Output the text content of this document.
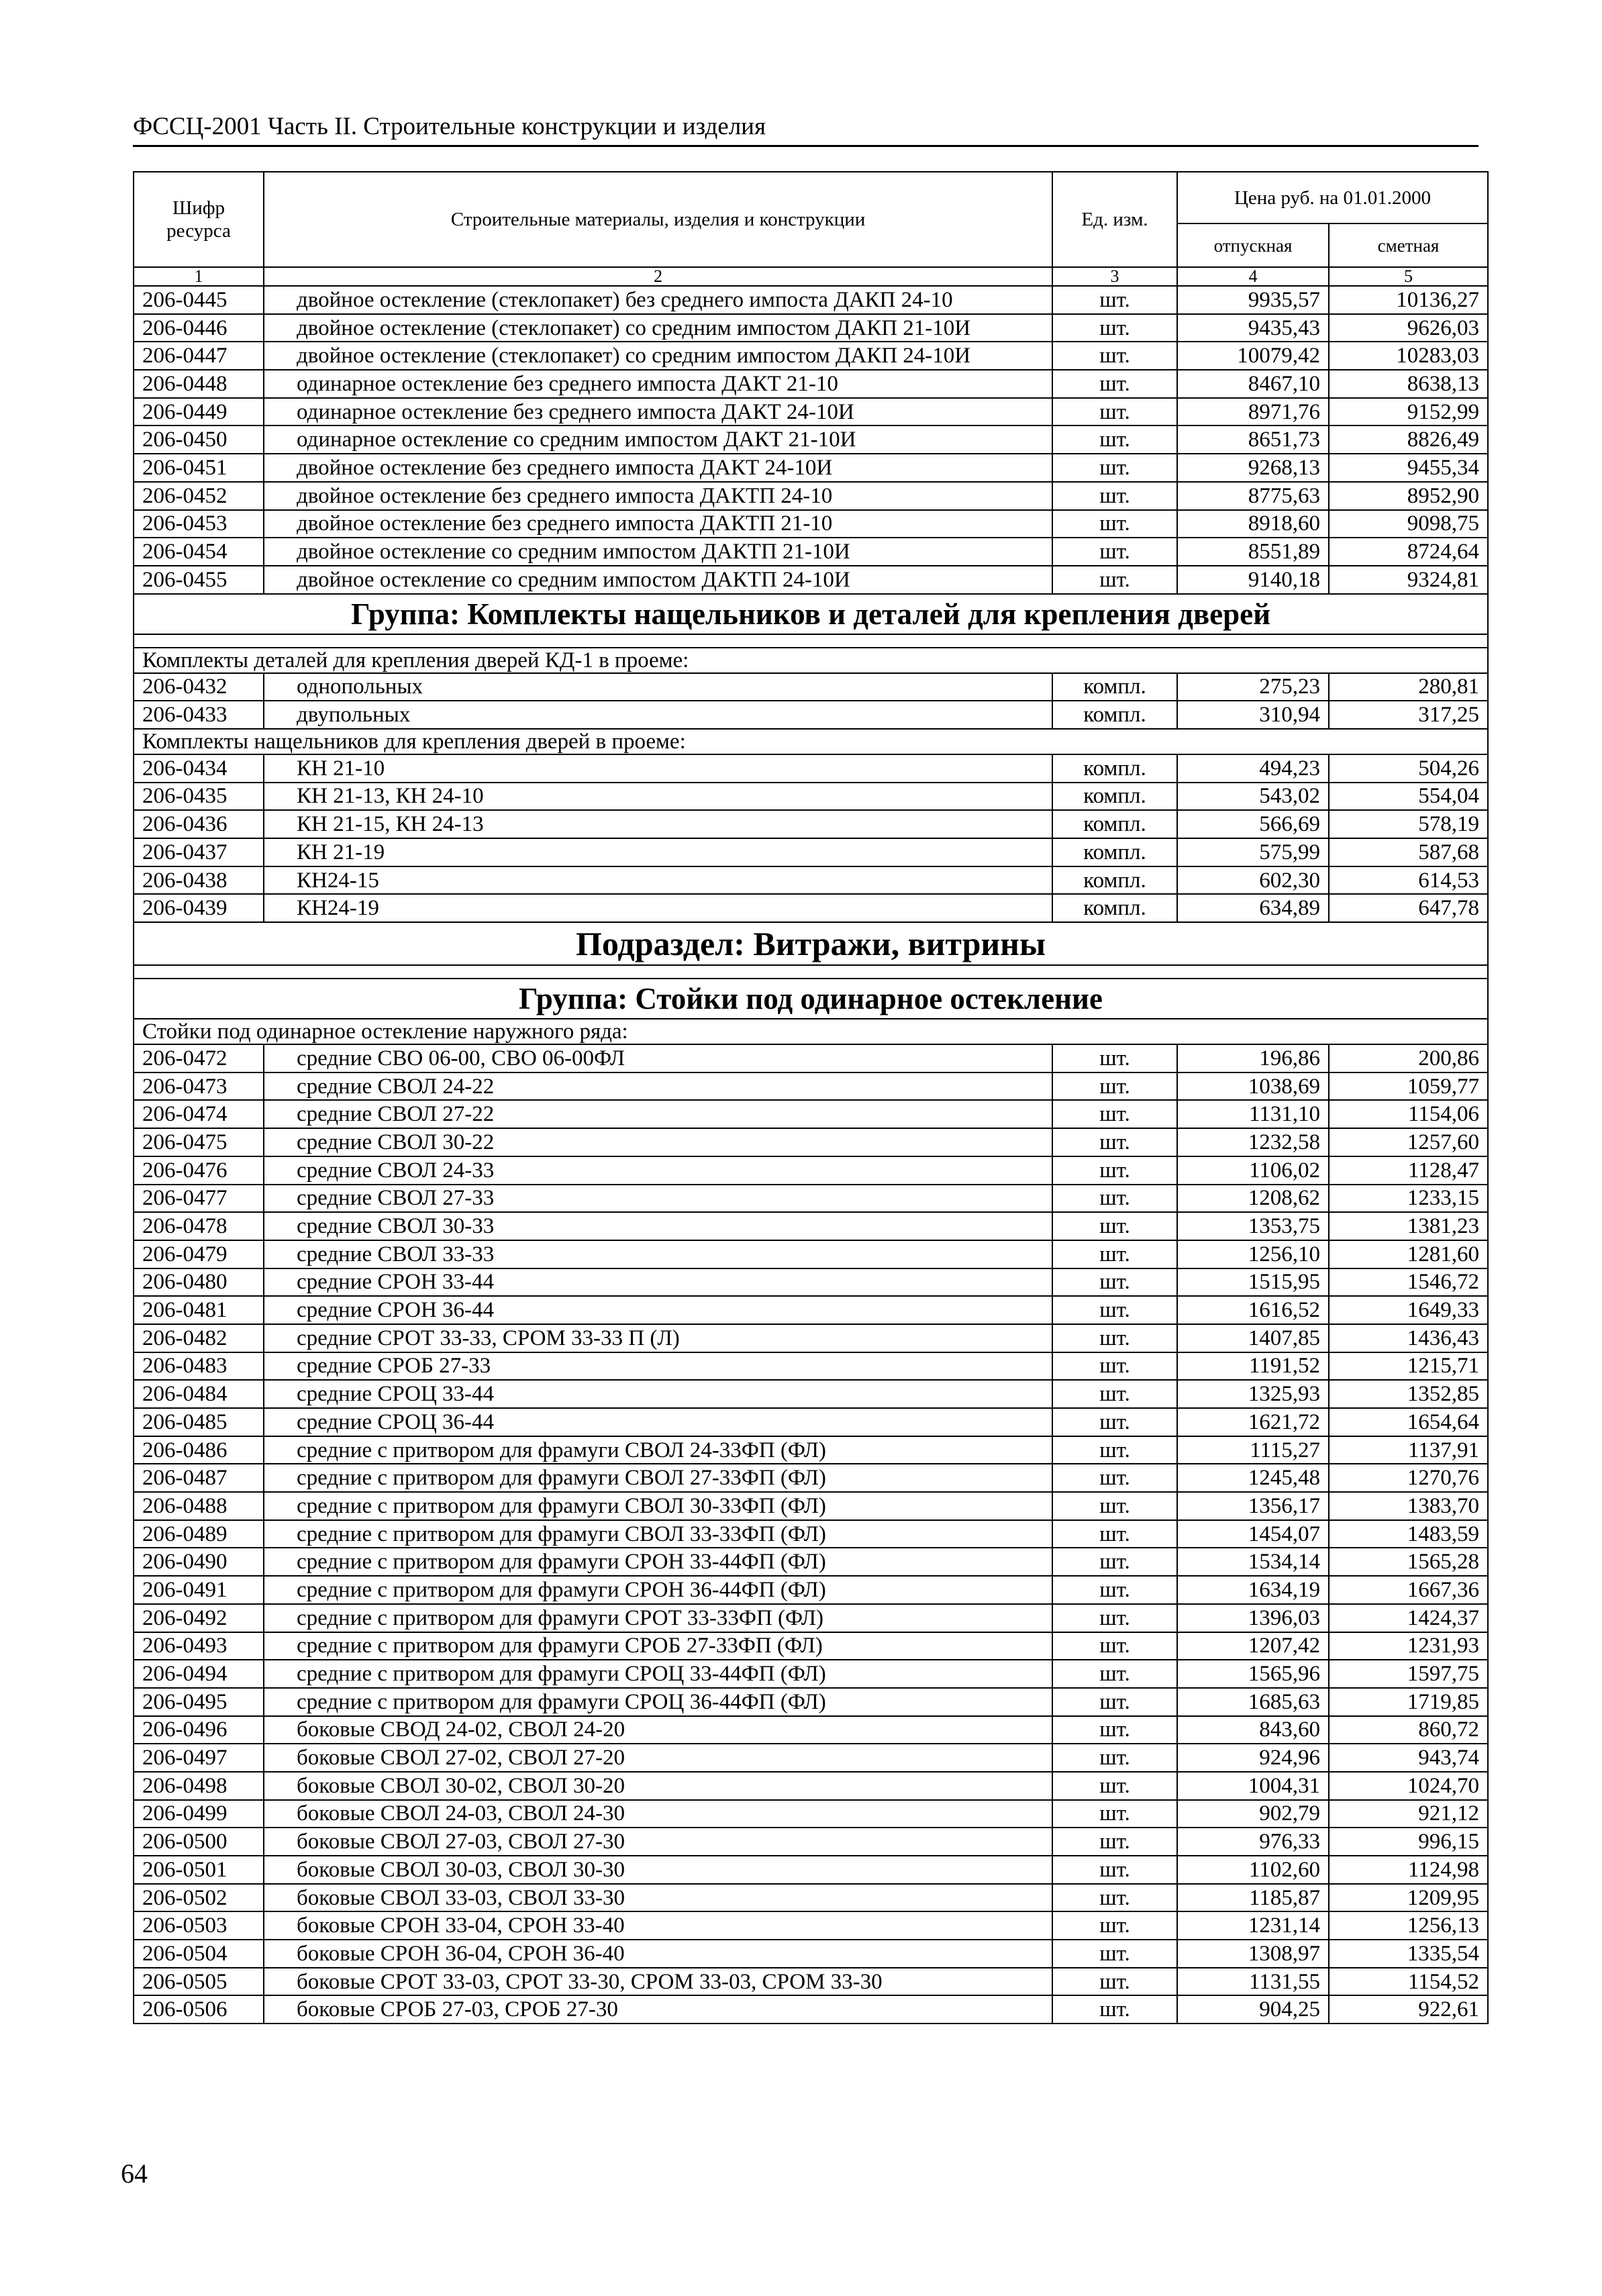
ФССЦ-2001 Часть II. Строительные конструкции и изделия
Шифр ресурса	Строительные материалы, изделия и конструкции	Ед. изм.	Цена руб. на 01.01.2000	
			отпускная	сметная
1	2	3	4	5
206-0445	двойное остекление (стеклопакет) без среднего импоста ДАКП 24-10	шт.	9935,57	10136,27
206-0446	двойное остекление (стеклопакет) со средним импостом ДАКП 21-10И	шт.	9435,43	9626,03
206-0447	двойное остекление (стеклопакет) со средним импостом ДАКП 24-10И	шт.	10079,42	10283,03
206-0448	одинарное остекление без среднего импоста ДАКТ 21-10	шт.	8467,10	8638,13
206-0449	одинарное остекление без среднего импоста ДАКТ 24-10И	шт.	8971,76	9152,99
206-0450	одинарное остекление со средним импостом ДАКТ 21-10И	шт.	8651,73	8826,49
206-0451	двойное остекление без среднего импоста ДАКТ 24-10И	шт.	9268,13	9455,34
206-0452	двойное остекление без среднего импоста ДАКТП 24-10	шт.	8775,63	8952,90
206-0453	двойное остекление без среднего импоста ДАКТП 21-10	шт.	8918,60	9098,75
206-0454	двойное остекление со средним импостом ДАКТП 21-10И	шт.	8551,89	8724,64
206-0455	двойное остекление со средним импостом ДАКТП 24-10И	шт.	9140,18	9324,81
Группа: Комплекты нащельников и деталей для крепления дверей				

Комплекты деталей для крепления дверей КД-1 в проеме:				
206-0432	однопольных	компл.	275,23	280,81
206-0433	двупольных	компл.	310,94	317,25
Комплекты нащельников для крепления дверей в проеме:				
206-0434	КН 21-10	компл.	494,23	504,26
206-0435	КН 21-13, КН 24-10	компл.	543,02	554,04
206-0436	КН 21-15, КН 24-13	компл.	566,69	578,19
206-0437	КН 21-19	компл.	575,99	587,68
206-0438	КН24-15	компл.	602,30	614,53
206-0439	КН24-19	компл.	634,89	647,78
Подраздел: Витражи, витрины				

Группа: Стойки под одинарное остекление				
Стойки под одинарное остекление наружного ряда:				
206-0472	средние СВО 06-00, СВО 06-00ФЛ	шт.	196,86	200,86
206-0473	средние СВОЛ 24-22	шт.	1038,69	1059,77
206-0474	средние СВОЛ 27-22	шт.	1131,10	1154,06
206-0475	средние СВОЛ 30-22	шт.	1232,58	1257,60
206-0476	средние СВОЛ 24-33	шт.	1106,02	1128,47
206-0477	средние СВОЛ 27-33	шт.	1208,62	1233,15
206-0478	средние СВОЛ 30-33	шт.	1353,75	1381,23
206-0479	средние СВОЛ 33-33	шт.	1256,10	1281,60
206-0480	средние СРОН 33-44	шт.	1515,95	1546,72
206-0481	средние СРОН 36-44	шт.	1616,52	1649,33
206-0482	средние СРОТ 33-33, СРОМ 33-33 П (Л)	шт.	1407,85	1436,43
206-0483	средние СРОБ 27-33	шт.	1191,52	1215,71
206-0484	средние СРОЦ 33-44	шт.	1325,93	1352,85
206-0485	средние СРОЦ 36-44	шт.	1621,72	1654,64
206-0486	средние с притвором для фрамуги СВОЛ 24-33ФП (ФЛ)	шт.	1115,27	1137,91
206-0487	средние с притвором для фрамуги СВОЛ 27-33ФП (ФЛ)	шт.	1245,48	1270,76
206-0488	средние с притвором для фрамуги СВОЛ 30-33ФП (ФЛ)	шт.	1356,17	1383,70
206-0489	средние с притвором для фрамуги СВОЛ 33-33ФП (ФЛ)	шт.	1454,07	1483,59
206-0490	средние с притвором для фрамуги СРОН 33-44ФП (ФЛ)	шт.	1534,14	1565,28
206-0491	средние с притвором для фрамуги СРОН 36-44ФП (ФЛ)	шт.	1634,19	1667,36
206-0492	средние с притвором для фрамуги СРОТ 33-33ФП (ФЛ)	шт.	1396,03	1424,37
206-0493	средние с притвором для фрамуги СРОБ 27-33ФП (ФЛ)	шт.	1207,42	1231,93
206-0494	средние с притвором для фрамуги СРОЦ 33-44ФП (ФЛ)	шт.	1565,96	1597,75
206-0495	средние с притвором для фрамуги СРОЦ 36-44ФП (ФЛ)	шт.	1685,63	1719,85
206-0496	боковые СВОД 24-02, СВОЛ 24-20	шт.	843,60	860,72
206-0497	боковые СВОЛ 27-02, СВОЛ 27-20	шт.	924,96	943,74
206-0498	боковые СВОЛ 30-02, СВОЛ 30-20	шт.	1004,31	1024,70
206-0499	боковые СВОЛ 24-03, СВОЛ 24-30	шт.	902,79	921,12
206-0500	боковые СВОЛ 27-03, СВОЛ 27-30	шт.	976,33	996,15
206-0501	боковые СВОЛ 30-03, СВОЛ 30-30	шт.	1102,60	1124,98
206-0502	боковые СВОЛ 33-03, СВОЛ 33-30	шт.	1185,87	1209,95
206-0503	боковые СРОН 33-04, СРОН 33-40	шт.	1231,14	1256,13
206-0504	боковые СРОН 36-04, СРОН 36-40	шт.	1308,97	1335,54
206-0505	боковые СРОТ 33-03, СРОТ 33-30, СРОМ 33-03, СРОМ 33-30	шт.	1131,55	1154,52
206-0506	боковые СРОБ 27-03, СРОБ 27-30	шт.	904,25	922,61
64
